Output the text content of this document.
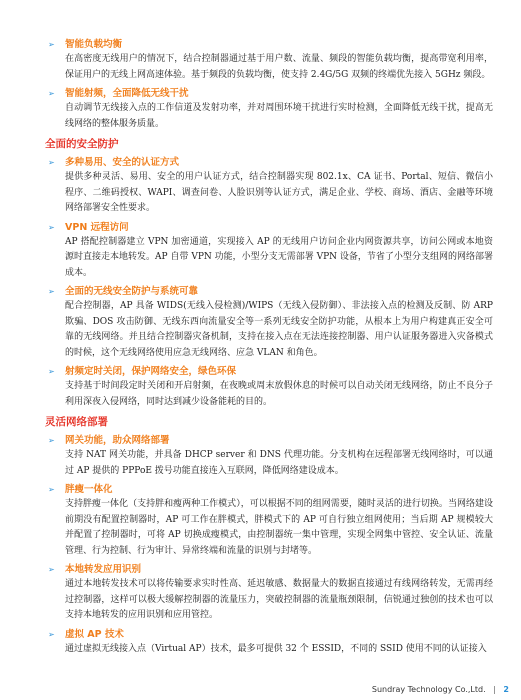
➢ 智能负载均衡
在高密度无线用户的情况下，结合控制器通过基于用户数、流量、频段的智能负载均衡，提高带宽利用率，保证用户的无线上网高速体验。基于频段的负载均衡，使支持 2.4G/5G 双频的终端优先接入 5GHz 频段。
➢ 智能射频，全面降低无线干扰
自动调节无线接入点的工作信道及发射功率，并对周围环境干扰进行实时检测，全面降低无线干扰，提高无线网络的整体服务质量。
全面的安全防护
➢ 多种易用、安全的认证方式
提供多种灵活、易用、安全的用户认证方式，结合控制器实现 802.1x、CA 证书、Portal、短信、微信小程序、二维码授权、WAPI、调查问卷、人脸识别等认证方式，满足企业、学校、商场、酒店、金融等环境网络部署安全性要求。
➢ VPN 远程访问
AP 搭配控制器建立 VPN 加密通道，实现接入 AP 的无线用户访问企业内网资源共享，访问公网或本地资源时直接走本地转发。AP 自带 VPN 功能，小型分支无需部署 VPN 设备，节省了小型分支组网的网络部署成本。
➢ 全面的无线安全防护与系统可靠
配合控制器，AP 具备 WIDS(无线入侵检测)/WIPS（无线入侵防御）、非法接入点的检测及反制、防 ARP 欺骗、DOS 攻击防御、无线东西向流量安全等一系列无线安全防护功能，从根本上为用户构建真正安全可靠的无线网络。并且结合控制器灾备机制，支持在接入点在无法连接控制器、用户认证服务器进入灾备模式的时候，这个无线网络使用应急无线网络、应急 VLAN 和角色。
➢ 射频定时关闭，保护网络安全，绿色环保
支持基于时间段定时关闭和开启射频，在夜晚或周末放假休息的时候可以自动关闭无线网络，防止不良分子利用深夜入侵网络，同时达到减少设备能耗的目的。
灵活网络部署
➢ 网关功能，助众网络部署
支持 NAT 网关功能，并具备 DHCP server 和 DNS 代理功能。分支机构在远程部署无线网络时，可以通过 AP 提供的 PPPoE 拨号功能直接连入互联网，降低网络建设成本。
➢ 胖瘦一体化
支持胖瘦一体化（支持胖和瘦两种工作模式），可以根据不同的组网需要，随时灵活的进行切换。当网络建设前期没有配置控制器时，AP 可工作在胖模式，胖模式下的 AP 可自行独立组网使用；当后期 AP 规模较大并配置了控制器时，可将 AP 切换成瘦模式，由控制器统一集中管理，实现全网集中管控、安全认证、流量管理、行为控制、行为审计、异常终端和流量的识别与封堵等。
➢ 本地转发应用识别
通过本地转发技术可以将传输要求实时性高、延迟敏感、数据量大的数据直接通过有线网络转发，无需再经过控制器，这样可以极大缓解控制器的流量压力，突破控制器的流量瓶颈限制，信锐通过独创的技术也可以支持本地转发的应用识别和应用管控。
➢ 虚拟 AP 技术
通过虚拟无线接入点（Virtual AP）技术，最多可提供 32 个 ESSID，不同的 SSID 使用不同的认证接入
Sundray Technology Co.,Ltd. | 2
